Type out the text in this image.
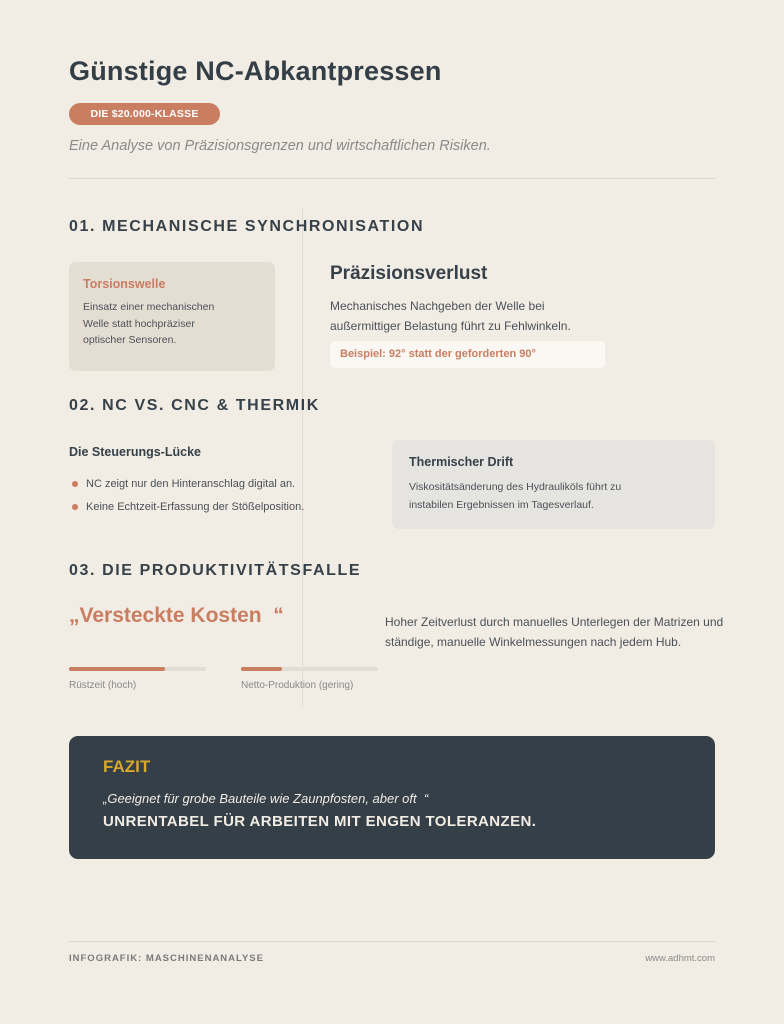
Günstige NC-Abkantpressen
DIE $20.000-KLASSE

Eine Analyse von Präzisionsgrenzen und wirtschaftlichen Risiken.

01. MECHANISCHE SYNCHRONISATION
Torsionswelle
Einsatz einer mechanischen Welle statt hochpräziser optischer Sensoren.
Präzisionsverlust

Mechanisches Nachgeben der Welle bei außermittiger Belastung führt zu Fehlwinkeln.

Beispiel: 92° statt der geforderten 90°
02. NC VS. CNC & THERMIK
Die Steuerungs-Lücke
NC zeigt nur den Hinteranschlag digital an.
Keine Echtzeit-Erfassung der Stößelposition.
Thermischer Drift
Viskositätsänderung des Hydrauliköls führt zu instabilen Ergebnissen im Tagesverlauf.
03. DIE PRODUKTIVITÄTSFALLE
„Versteckte Kosten  “	Hoher Zeitverlust durch manuelles Unterlegen der Matrizen und ständige, manuelle Winkelmessungen nach jedem Hub.

Rüstzeit (hoch)	Netto-Produktion (gering)
FAZIT
„Geeignet für grobe Bauteile wie Zaunpfosten, aber oft  “
UNRENTABEL FÜR ARBEITEN MIT ENGEN TOLERANZEN.
INFOGRAFIK: MASCHINENANALYSE	www.adhmt.com
